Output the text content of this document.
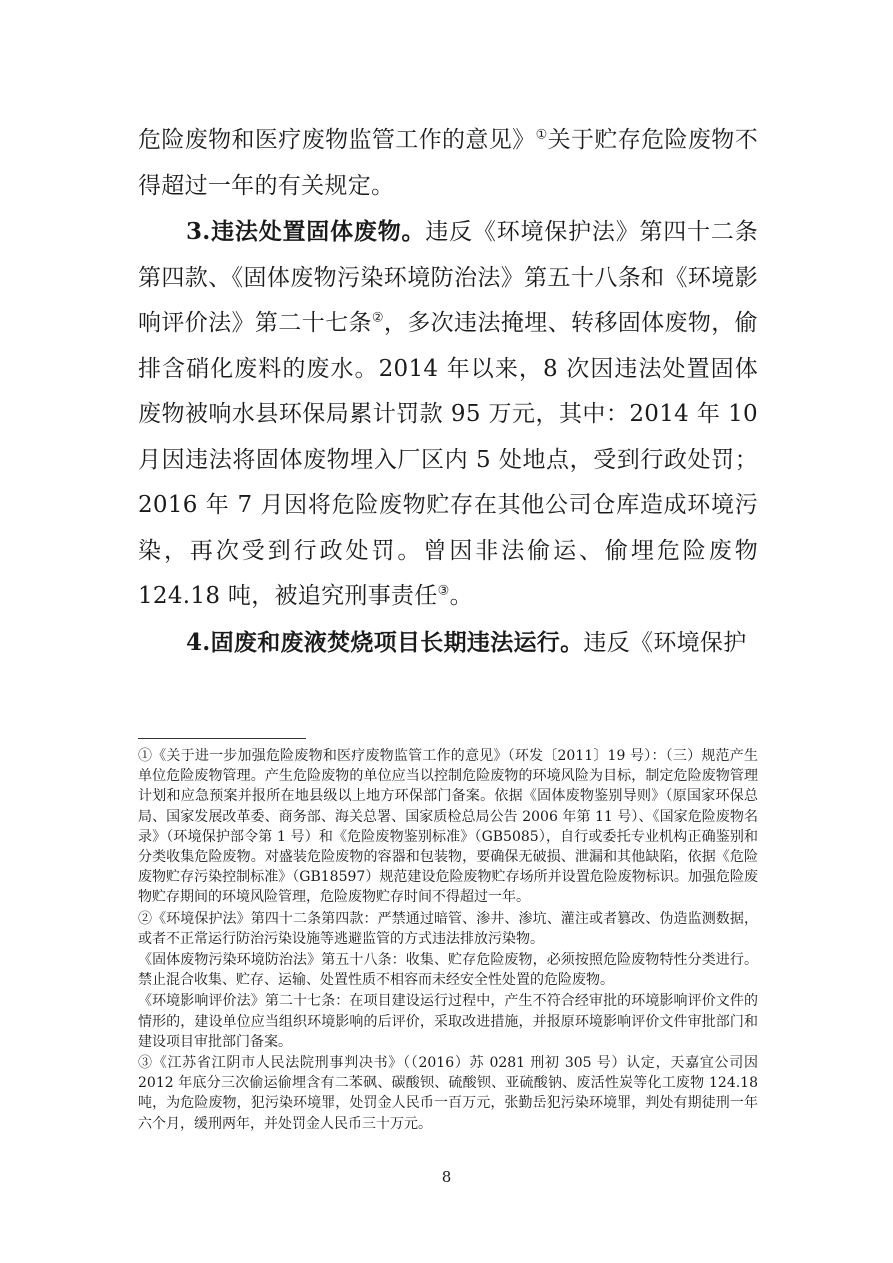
危险废物和医疗废物监管工作的意见》①关于贮存危险废物不得超过一年的有关规定。

3.违法处置固体废物。违反《环境保护法》第四十二条第四款、《固体废物污染环境防治法》第五十八条和《环境影响评价法》第二十七条②，多次违法掩埋、转移固体废物，偷排含硝化废料的废水。2014 年以来，8 次因违法处置固体废物被响水县环保局累计罚款 95 万元，其中：2014 年 10 月因违法将固体废物埋入厂区内 5 处地点，受到行政处罚；2016 年 7 月因将危险废物贮存在其他公司仓库造成环境污染，再次受到行政处罚。曾因非法偷运、偷埋危险废物 124.18 吨，被追究刑事责任③。

4.固废和废液焚烧项目长期违法运行。违反《环境保护

①《关于进一步加强危险废物和医疗废物监管工作的意见》（环发〔2011〕19 号）：（三）规范产生单位危险废物管理。产生危险废物的单位应当以控制危险废物的环境风险为目标，制定危险废物管理计划和应急预案并报所在地县级以上地方环保部门备案。依据《固体废物鉴别导则》（原国家环保总局、国家发展改革委、商务部、海关总署、国家质检总局公告 2006 年第 11 号）、《国家危险废物名录》（环境保护部令第 1 号）和《危险废物鉴别标准》（GB5085），自行或委托专业机构正确鉴别和分类收集危险废物。对盛装危险废物的容器和包装物，要确保无破损、泄漏和其他缺陷，依据《危险废物贮存污染控制标准》（GB18597）规范建设危险废物贮存场所并设置危险废物标识。加强危险废物贮存期间的环境风险管理，危险废物贮存时间不得超过一年。

②《环境保护法》第四十二条第四款：严禁通过暗管、渗井、渗坑、灌注或者篡改、伪造监测数据，或者不正常运行防治污染设施等逃避监管的方式违法排放污染物。

《固体废物污染环境防治法》第五十八条：收集、贮存危险废物，必须按照危险废物特性分类进行。禁止混合收集、贮存、运输、处置性质不相容而未经安全性处置的危险废物。

《环境影响评价法》第二十七条：在项目建设运行过程中，产生不符合经审批的环境影响评价文件的情形的，建设单位应当组织环境影响的后评价，采取改进措施，并报原环境影响评价文件审批部门和建设项目审批部门备案。

③《江苏省江阴市人民法院刑事判决书》（（2016）苏 0281 刑初 305 号）认定，天嘉宜公司因 2012 年底分三次偷运偷埋含有二苯砜、碳酸钡、硫酸钡、亚硫酸钠、废活性炭等化工废物 124.18 吨，为危险废物，犯污染环境罪，处罚金人民币一百万元，张勤岳犯污染环境罪，判处有期徒刑一年六个月，缓刑两年，并处罚金人民币三十万元。

8
